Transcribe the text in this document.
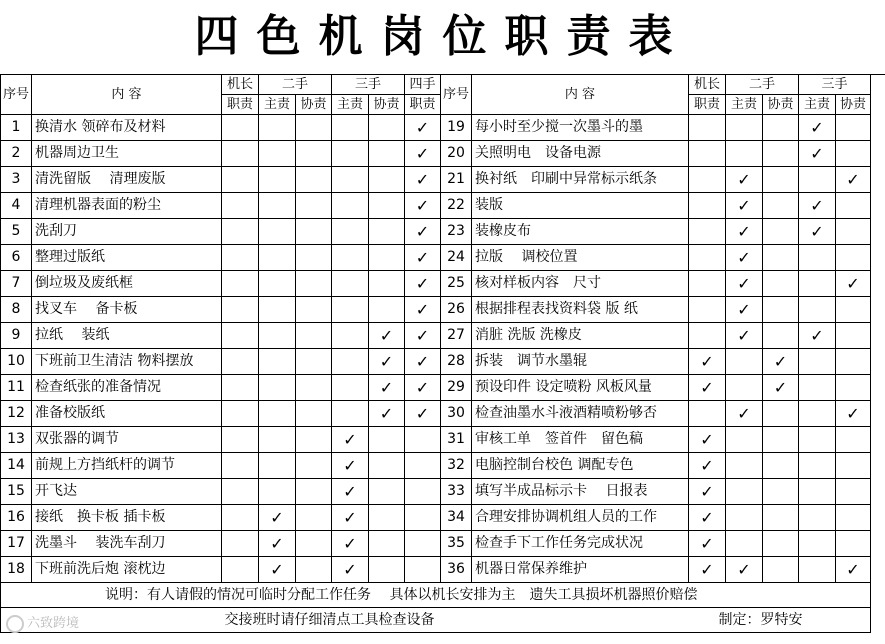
四色机岗位职责表
序号	内 容	机长	二手		三手		四手	序号	内 容	机长	二手		三手	
		职责	主责	协责	主责	协责	职责			职责	主责	协责	主责	协责
1	换清水 领碎布及材料						✓	19	每小时至少搅一次墨斗的墨				✓	
2	机器周边卫生						✓	20	关照明电　设备电源				✓	
3	清洗留版　 清理废版						✓	21	换衬纸　印刷中异常标示纸条		✓			✓
4	清理机器表面的粉尘						✓	22	装版		✓		✓	
5	洗刮刀						✓	23	装橡皮布		✓		✓	
6	整理过版纸						✓	24	拉版　 调校位置		✓			
7	倒垃圾及废纸框						✓	25	核对样板内容　尺寸		✓			✓
8	找叉车　 备卡板						✓	26	根据排程表找资料袋 版 纸		✓			
9	拉纸　 装纸					✓	✓	27	消脏 洗版 洗橡皮		✓		✓	
10	下班前卫生清洁 物料摆放					✓	✓	28	拆装　调节水墨辊	✓		✓		
11	检查纸张的准备情况					✓	✓	29	预设印件 设定喷粉 风板风量	✓		✓		
12	准备校版纸					✓	✓	30	检查油墨水斗液酒精喷粉够否		✓			✓
13	双张器的调节				✓			31	审核工单　签首件　留色稿	✓				
14	前规上方挡纸杆的调节				✓			32	电脑控制台校色 调配专色	✓				
15	开飞达				✓			33	填写半成品标示卡　 日报表	✓				
16	接纸　换卡板 插卡板		✓		✓			34	合理安排协调机组人员的工作	✓				
17	洗墨斗　 装洗车刮刀		✓		✓			35	检查手下工作任务完成状况	✓				
18	下班前洗后炮 滚枕边		✓		✓			36	机器日常保养维护	✓	✓			✓
说明：有人请假的情况可临时分配工作任务　 具体以机长安排为主　遗失工具损坏机器照价赔偿														
		交接班时请仔细清点工具检查设备								制定：罗特安				
六致跨境
